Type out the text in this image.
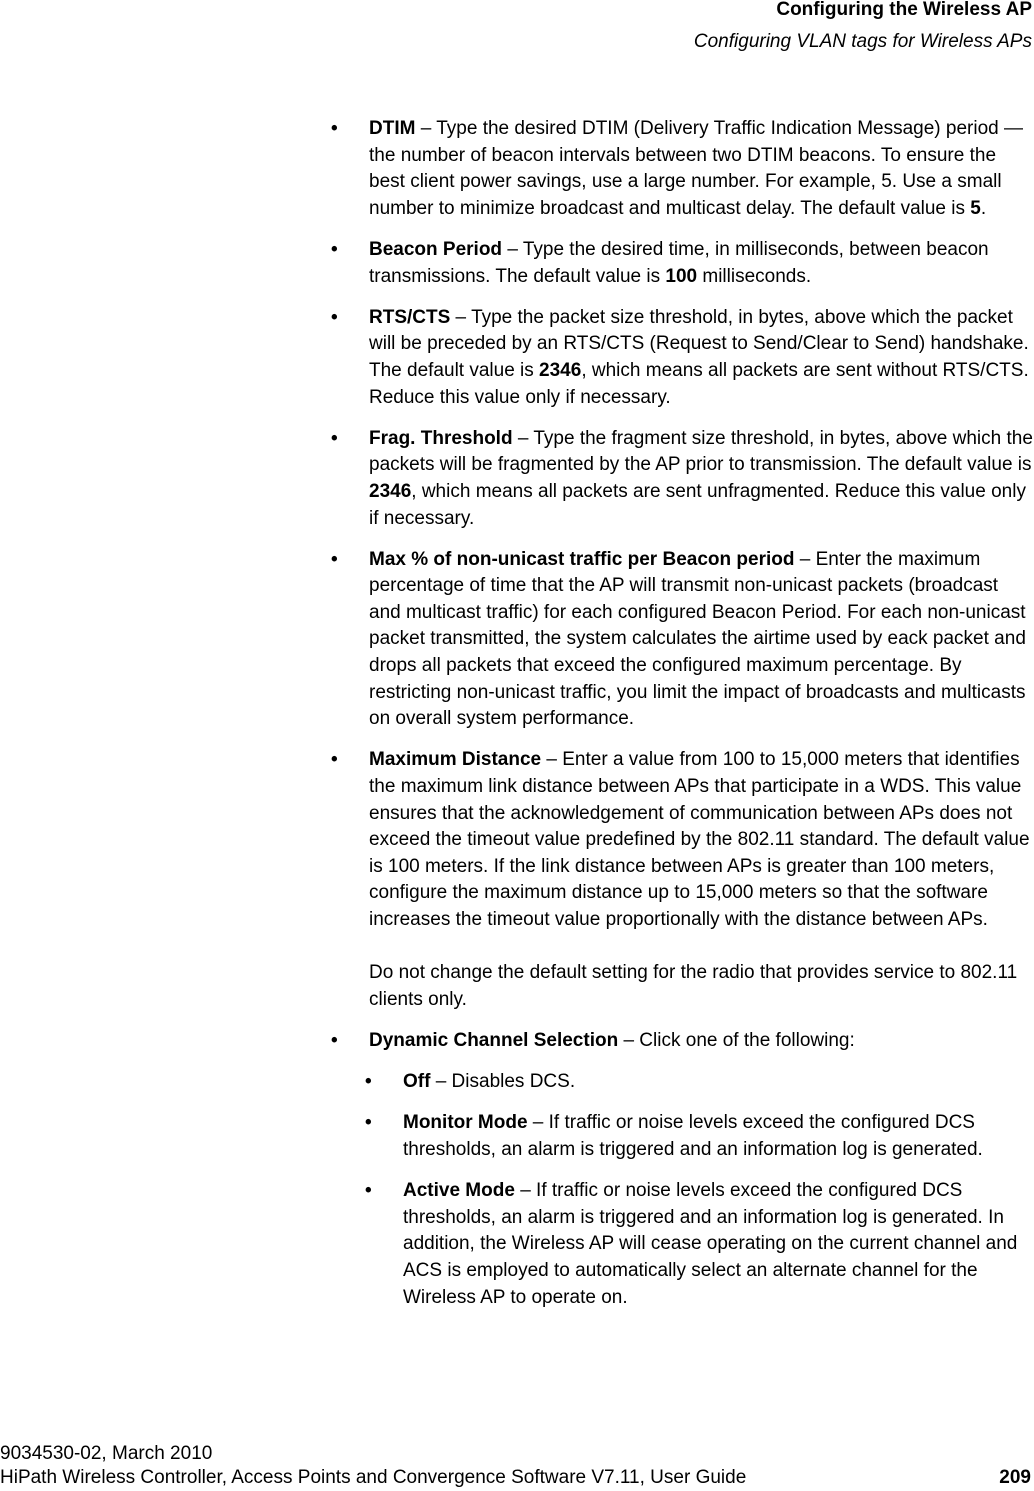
Configuring the Wireless AP
Configuring VLAN tags for Wireless APs
• DTIM – Type the desired DTIM (Delivery Traffic Indication Message) period — the number of beacon intervals between two DTIM beacons. To ensure the best client power savings, use a large number. For example, 5. Use a small number to minimize broadcast and multicast delay. The default value is 5.

• Beacon Period – Type the desired time, in milliseconds, between beacon transmissions. The default value is 100 milliseconds.

• RTS/CTS – Type the packet size threshold, in bytes, above which the packet will be preceded by an RTS/CTS (Request to Send/Clear to Send) handshake. The default value is 2346, which means all packets are sent without RTS/CTS. Reduce this value only if necessary.

• Frag. Threshold – Type the fragment size threshold, in bytes, above which the packets will be fragmented by the AP prior to transmission. The default value is 2346, which means all packets are sent unfragmented. Reduce this value only if necessary.

• Max % of non-unicast traffic per Beacon period – Enter the maximum percentage of time that the AP will transmit non-unicast packets (broadcast and multicast traffic) for each configured Beacon Period. For each non-unicast packet transmitted, the system calculates the airtime used by eack packet and drops all packets that exceed the configured maximum percentage. By restricting non-unicast traffic, you limit the impact of broadcasts and multicasts on overall system performance.

• Maximum Distance – Enter a value from 100 to 15,000 meters that identifies the maximum link distance between APs that participate in a WDS. This value ensures that the acknowledgement of communication between APs does not exceed the timeout value predefined by the 802.11 standard. The default value is 100 meters. If the link distance between APs is greater than 100 meters, configure the maximum distance up to 15,000 meters so that the software increases the timeout value proportionally with the distance between APs.

Do not change the default setting for the radio that provides service to 802.11 clients only.

• Dynamic Channel Selection – Click one of the following:

• Off – Disables DCS.

• Monitor Mode – If traffic or noise levels exceed the configured DCS thresholds, an alarm is triggered and an information log is generated.

• Active Mode – If traffic or noise levels exceed the configured DCS thresholds, an alarm is triggered and an information log is generated. In addition, the Wireless AP will cease operating on the current channel and ACS is employed to automatically select an alternate channel for the Wireless AP to operate on.

9034530-02, March 2010
HiPath Wireless Controller, Access Points and Convergence Software V7.11, User Guide	209
